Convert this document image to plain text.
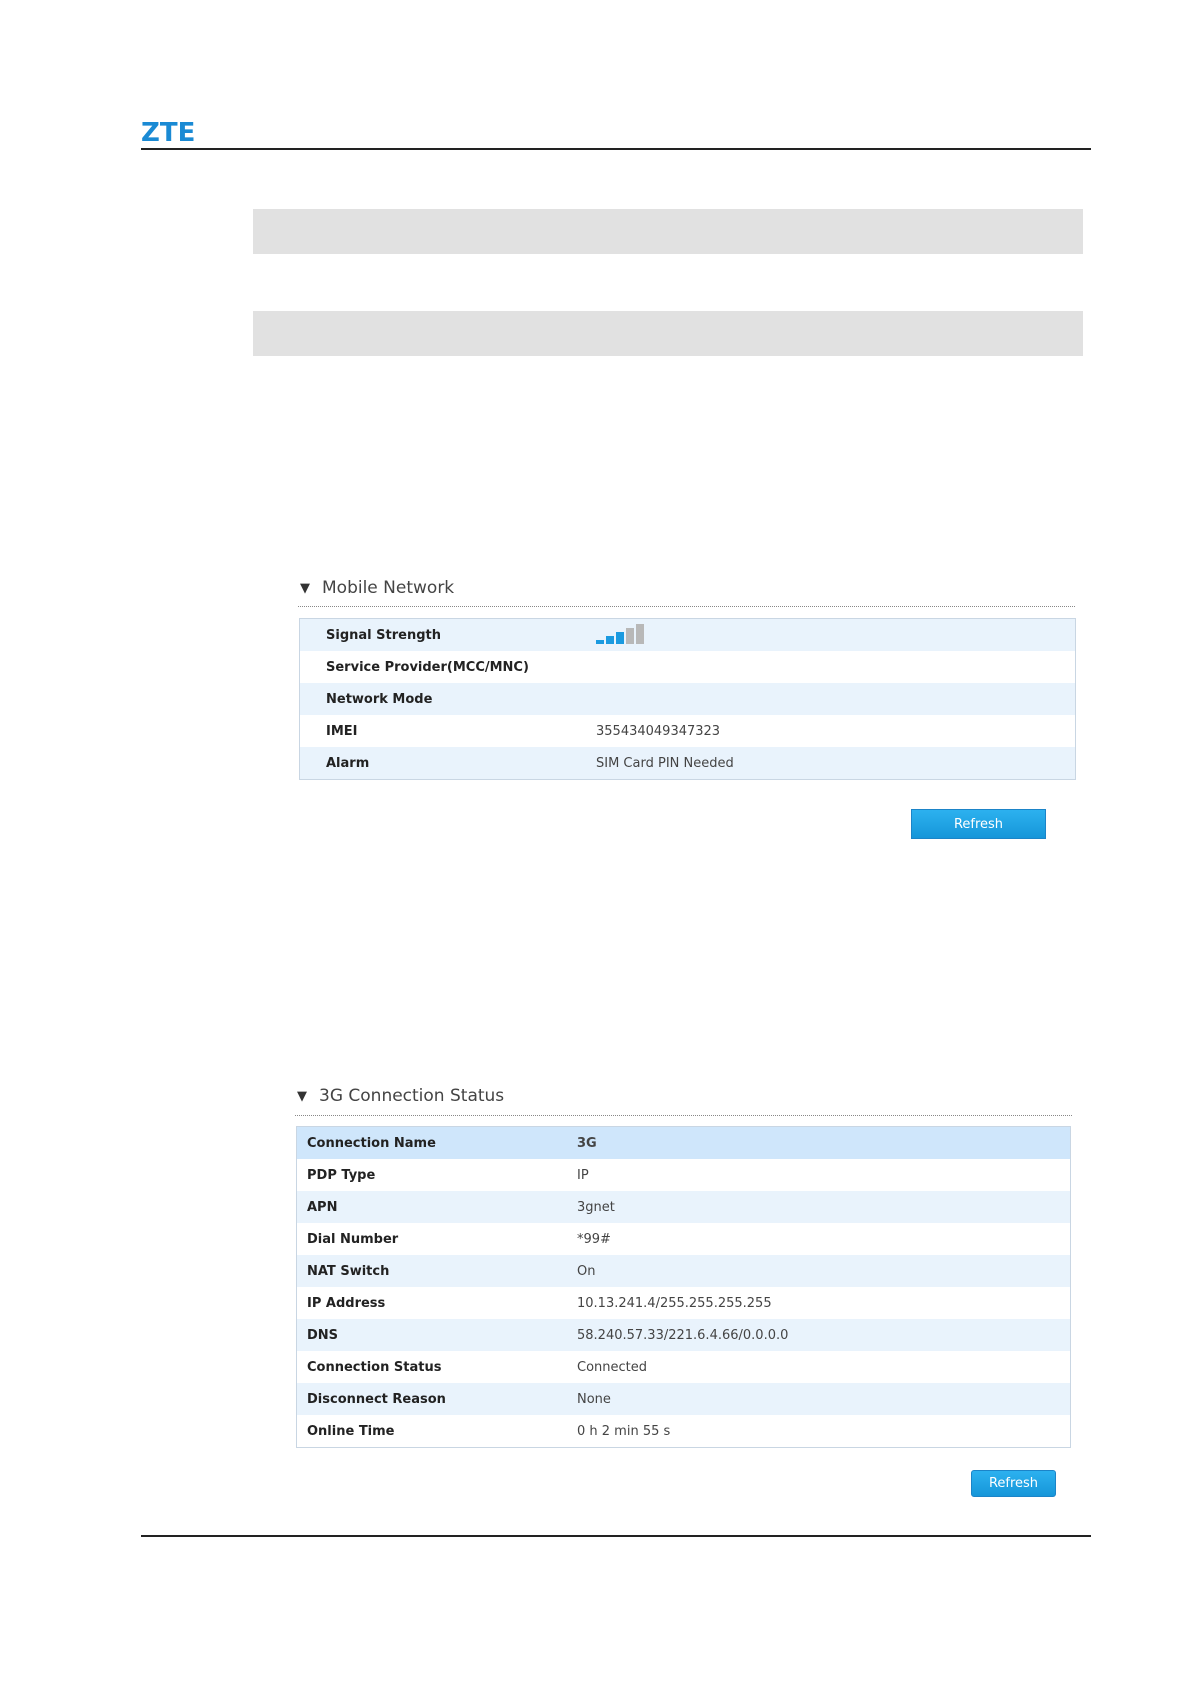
ZTE
▼ Mobile Network
Signal Strength
Service Provider(MCC/MNC)
Network Mode
IMEI	355434049347323
Alarm	SIM Card PIN Needed
Refresh
▼ 3G Connection Status
Connection Name	3G
PDP Type	IP
APN	3gnet
Dial Number	*99#
NAT Switch	On
IP Address	10.13.241.4/255.255.255.255
DNS	58.240.57.33/221.6.4.66/0.0.0.0
Connection Status	Connected
Disconnect Reason	None
Online Time	0 h 2 min 55 s
Refresh
